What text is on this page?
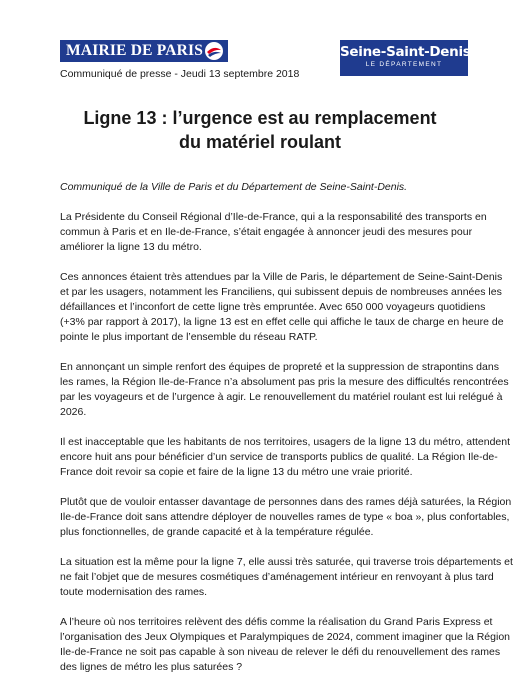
MAIRIE DE PARIS	Seine-Saint-Denis
LE DÉPARTEMENT
Communiqué de presse - Jeudi 13 septembre 2018
Ligne 13 : l’urgence est au remplacement
du matériel roulant

Communiqué de la Ville de Paris et du Département de Seine-Saint-Denis.

La Présidente du Conseil Régional d’Ile-de-France, qui a la responsabilité des transports en
commun à Paris et en Ile-de-France, s’était engagée à annoncer jeudi des mesures pour
améliorer la ligne 13 du métro.

Ces annonces étaient très attendues par la Ville de Paris, le département de Seine-Saint-Denis
et par les usagers, notamment les Franciliens, qui subissent depuis de nombreuses années les
défaillances et l’inconfort de cette ligne très empruntée. Avec 650 000 voyageurs quotidiens
(+3% par rapport à 2017), la ligne 13 est en effet celle qui affiche le taux de charge en heure de
pointe le plus important de l’ensemble du réseau RATP.

En annonçant un simple renfort des équipes de propreté et la suppression de strapontins dans
les rames, la Région Ile-de-France n’a absolument pas pris la mesure des difficultés rencontrées
par les voyageurs et de l’urgence à agir. Le renouvellement du matériel roulant est lui relégué à
2026.

Il est inacceptable que les habitants de nos territoires, usagers de la ligne 13 du métro, attendent
encore huit ans pour bénéficier d’un service de transports publics de qualité. La Région Ile-de-
France doit revoir sa copie et faire de la ligne 13 du métro une vraie priorité.

Plutôt que de vouloir entasser davantage de personnes dans des rames déjà saturées, la Région
Ile-de-France doit sans attendre déployer de nouvelles rames de type « boa », plus confortables,
plus fonctionnelles, de grande capacité et à la température régulée.

La situation est la même pour la ligne 7, elle aussi très saturée, qui traverse trois départements et
ne fait l’objet que de mesures cosmétiques d’aménagement intérieur en renvoyant à plus tard
toute modernisation des rames.

A l’heure où nos territoires relèvent des défis comme la réalisation du Grand Paris Express et
l’organisation des Jeux Olympiques et Paralympiques de 2024, comment imaginer que la Région
Ile-de-France ne soit pas capable à son niveau de relever le défi du renouvellement des rames
des lignes de métro les plus saturées ?
